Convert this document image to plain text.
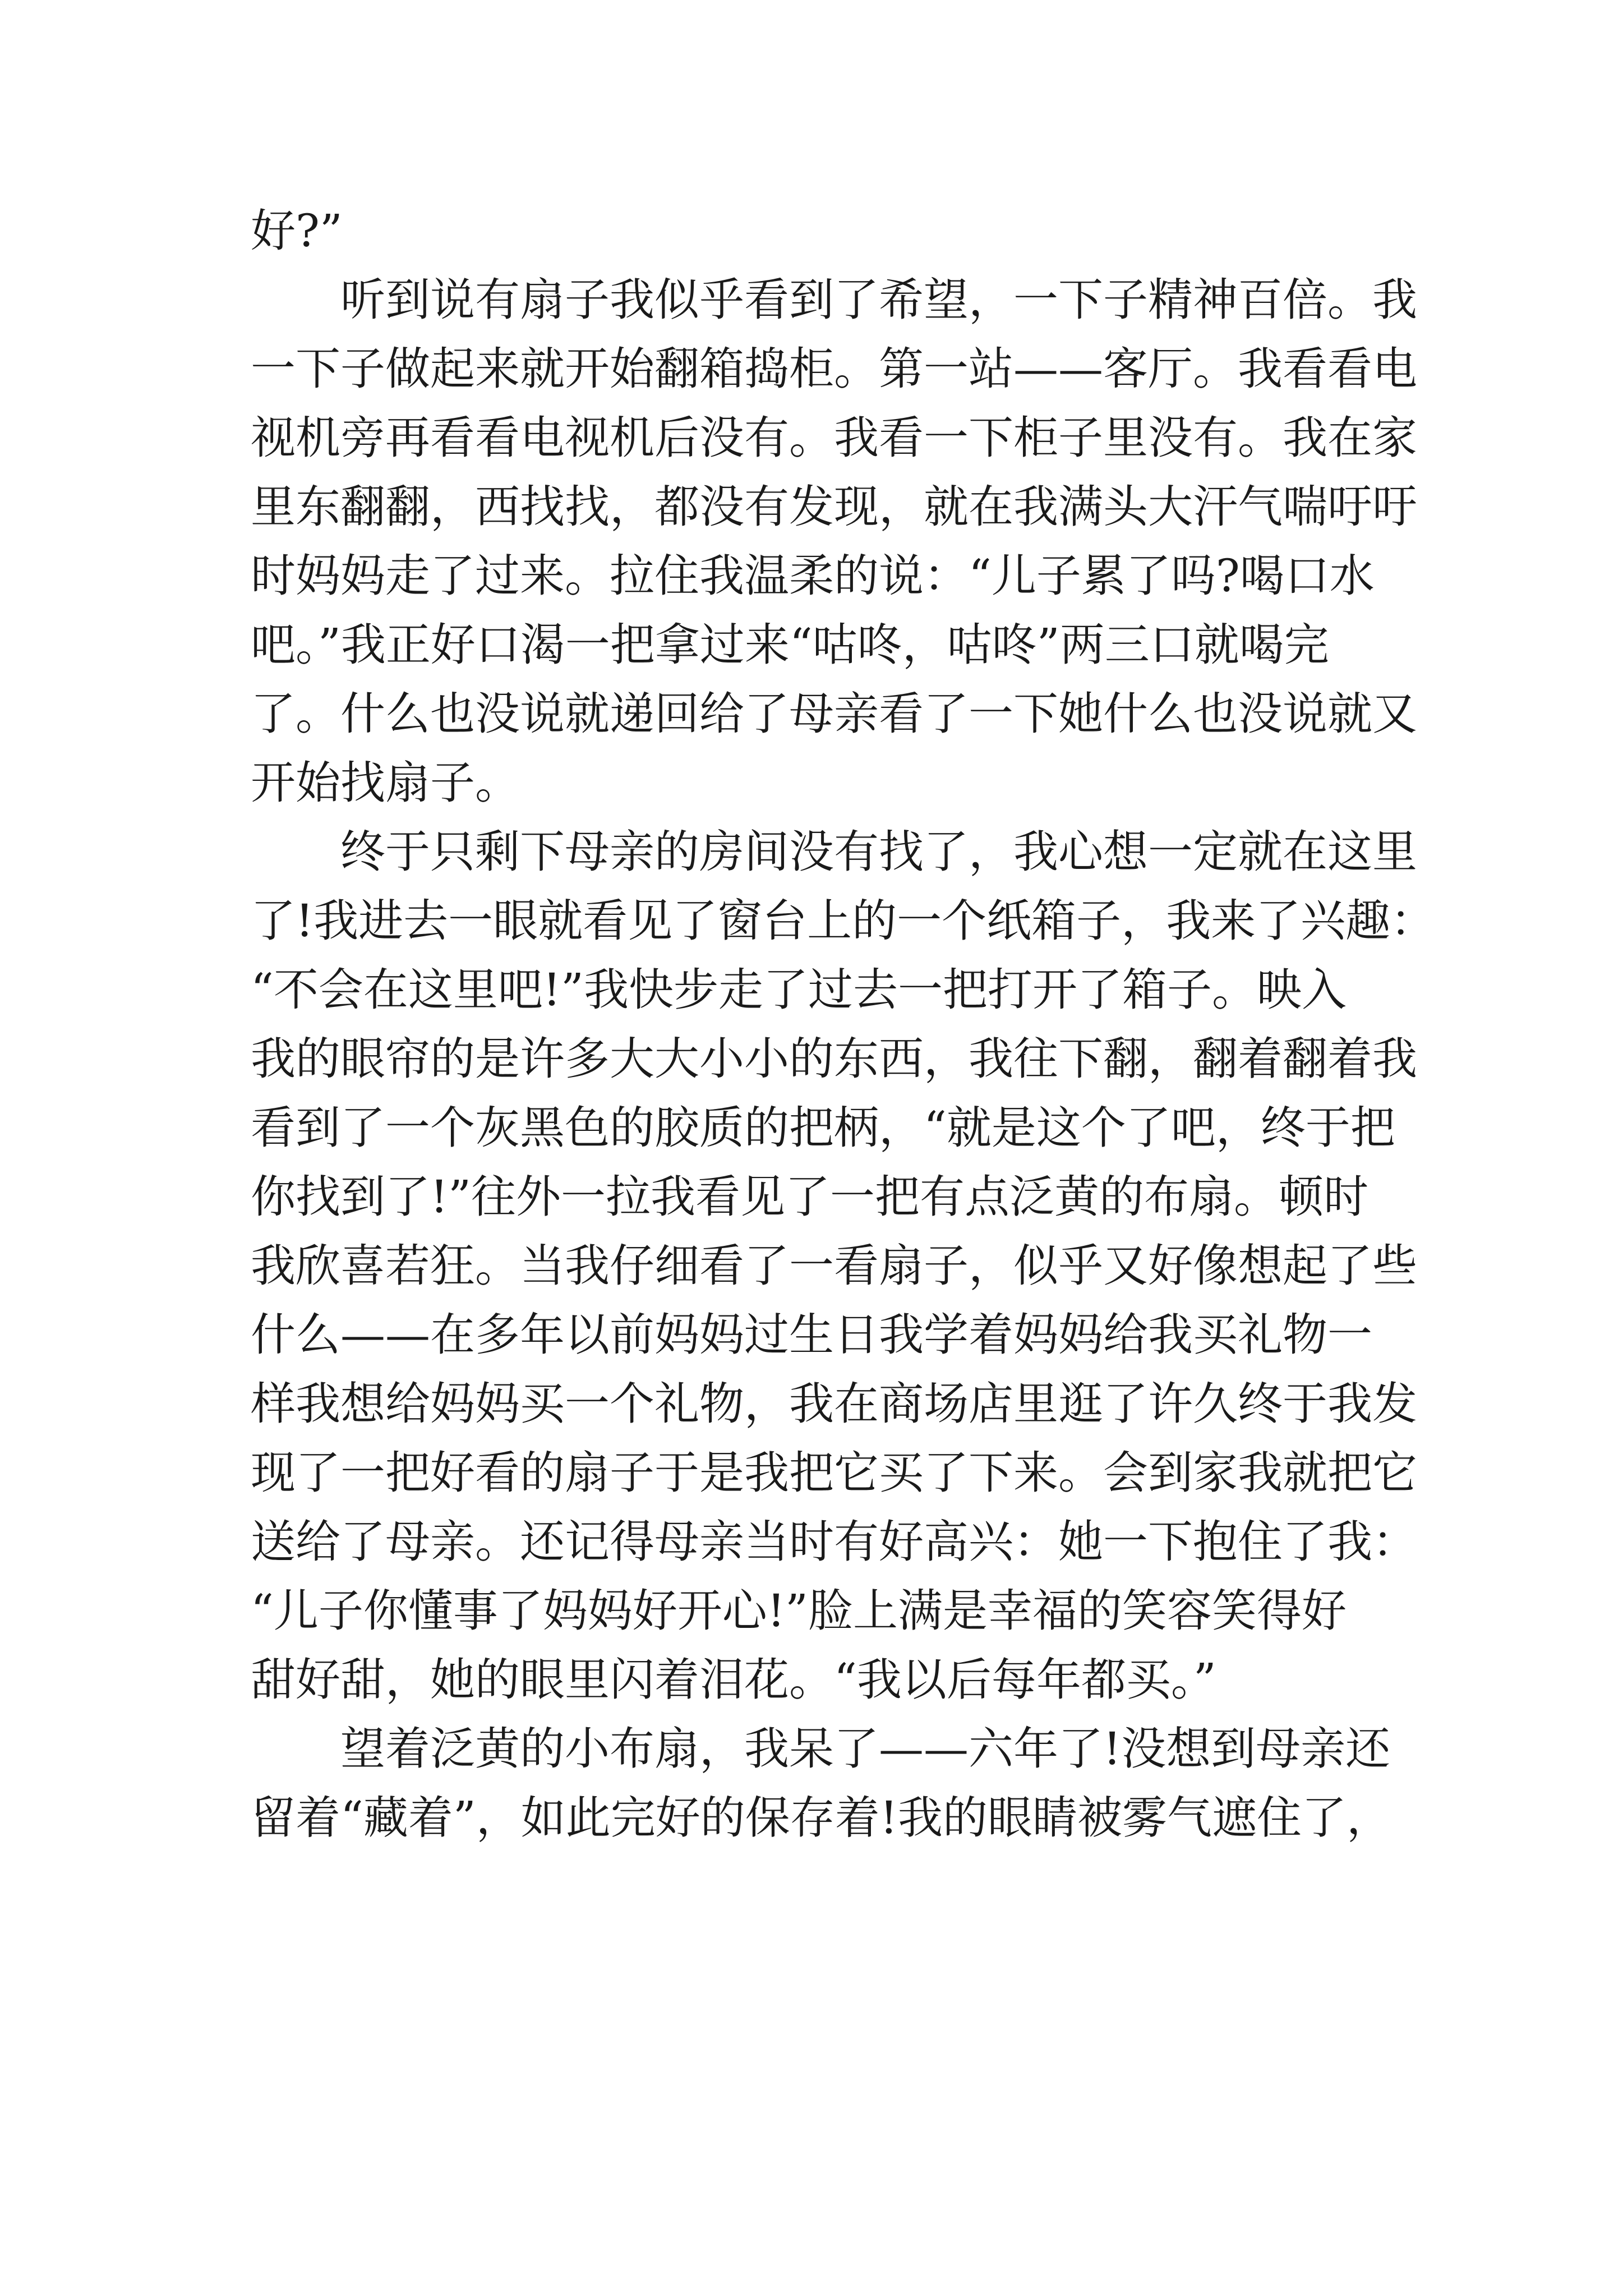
好?”
听到说有扇子我似乎看到了希望，一下子精神百倍。我
一下子做起来就开始翻箱捣柜。第一站——客厅。我看看电
视机旁再看看电视机后没有。我看一下柜子里没有。我在家
里东翻翻，西找找，都没有发现，就在我满头大汗气喘吁吁
时妈妈走了过来。拉住我温柔的说：“儿子累了吗?喝口水
吧。”我正好口渴一把拿过来“咕咚，咕咚”两三口就喝完
了。什么也没说就递回给了母亲看了一下她什么也没说就又
开始找扇子。
终于只剩下母亲的房间没有找了，我心想一定就在这里
了!我进去一眼就看见了窗台上的一个纸箱子，我来了兴趣：
“不会在这里吧!”我快步走了过去一把打开了箱子。映入
我的眼帘的是许多大大小小的东西，我往下翻，翻着翻着我
看到了一个灰黑色的胶质的把柄，“就是这个了吧，终于把
你找到了!”往外一拉我看见了一把有点泛黄的布扇。顿时
我欣喜若狂。当我仔细看了一看扇子，似乎又好像想起了些
什么——在多年以前妈妈过生日我学着妈妈给我买礼物一
样我想给妈妈买一个礼物，我在商场店里逛了许久终于我发
现了一把好看的扇子于是我把它买了下来。会到家我就把它
送给了母亲。还记得母亲当时有好高兴：她一下抱住了我：
“儿子你懂事了妈妈好开心!”脸上满是幸福的笑容笑得好
甜好甜，她的眼里闪着泪花。“我以后每年都买。”
望着泛黄的小布扇，我呆了——六年了!没想到母亲还
留着“藏着”，如此完好的保存着!我的眼睛被雾气遮住了，
